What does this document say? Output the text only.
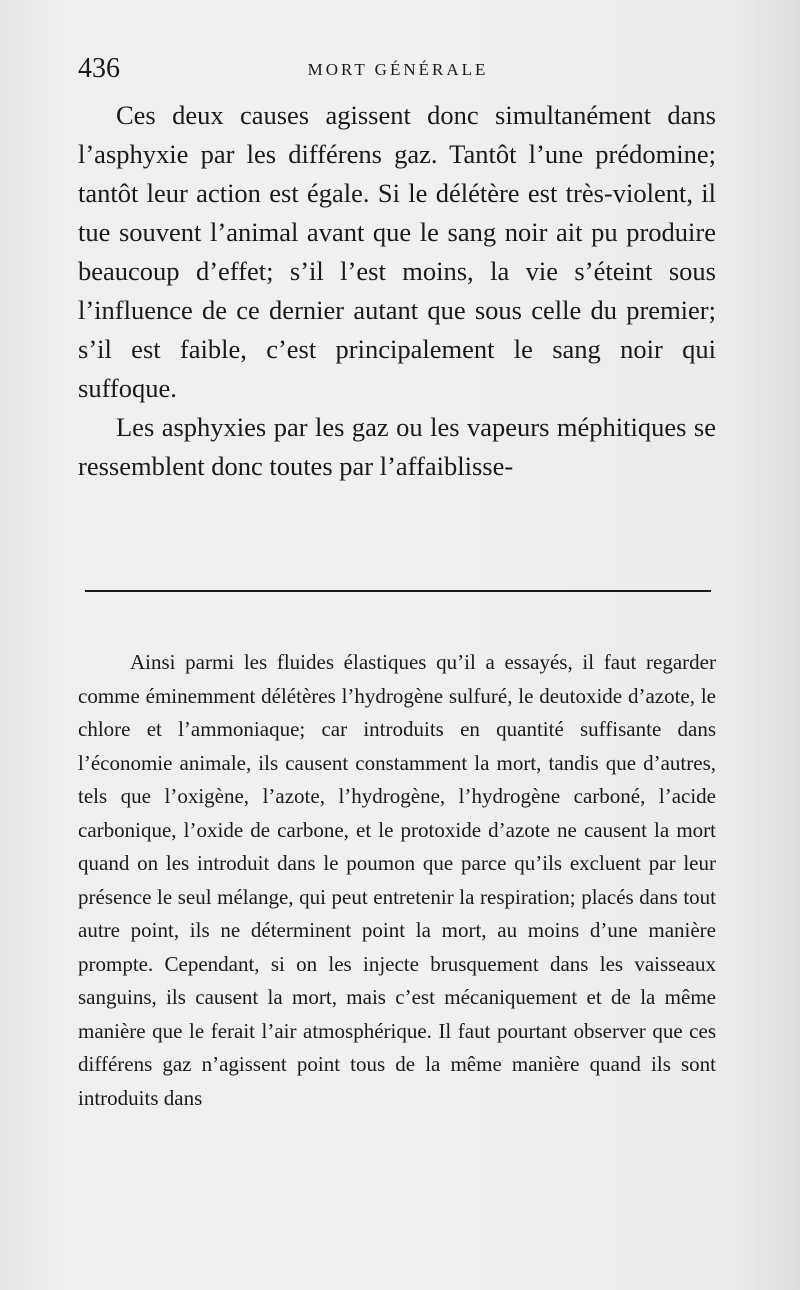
436	MORT GÉNÉRALE

Ces deux causes agissent donc simultanément dans l’asphyxie par les différens gaz. Tantôt l’une prédomine; tantôt leur action est égale. Si le délétère est très-violent, il tue souvent l’animal avant que le sang noir ait pu produire beaucoup d’effet; s’il l’est moins, la vie s’éteint sous l’influence de ce dernier autant que sous celle du premier; s’il est faible, c’est principalement le sang noir qui suffoque.

Les asphyxies par les gaz ou les vapeurs méphitiques se ressemblent donc toutes par l’affaiblisse-

Ainsi parmi les fluides élastiques qu’il a essayés, il faut regarder comme éminemment délétères l’hydrogène sulfuré, le deutoxide d’azote, le chlore et l’ammoniaque; car introduits en quantité suffisante dans l’économie animale, ils causent constamment la mort, tandis que d’autres, tels que l’oxigène, l’azote, l’hydrogène, l’hydrogène carboné, l’acide carbonique, l’oxide de carbone, et le protoxide d’azote ne causent la mort quand on les introduit dans le poumon que parce qu’ils excluent par leur présence le seul mélange, qui peut entretenir la respiration; placés dans tout autre point, ils ne déterminent point la mort, au moins d’une manière prompte. Cependant, si on les injecte brusquement dans les vaisseaux sanguins, ils causent la mort, mais c’est mécaniquement et de la même manière que le ferait l’air atmosphérique. Il faut pourtant observer que ces différens gaz n’agissent point tous de la même manière quand ils sont introduits dans
